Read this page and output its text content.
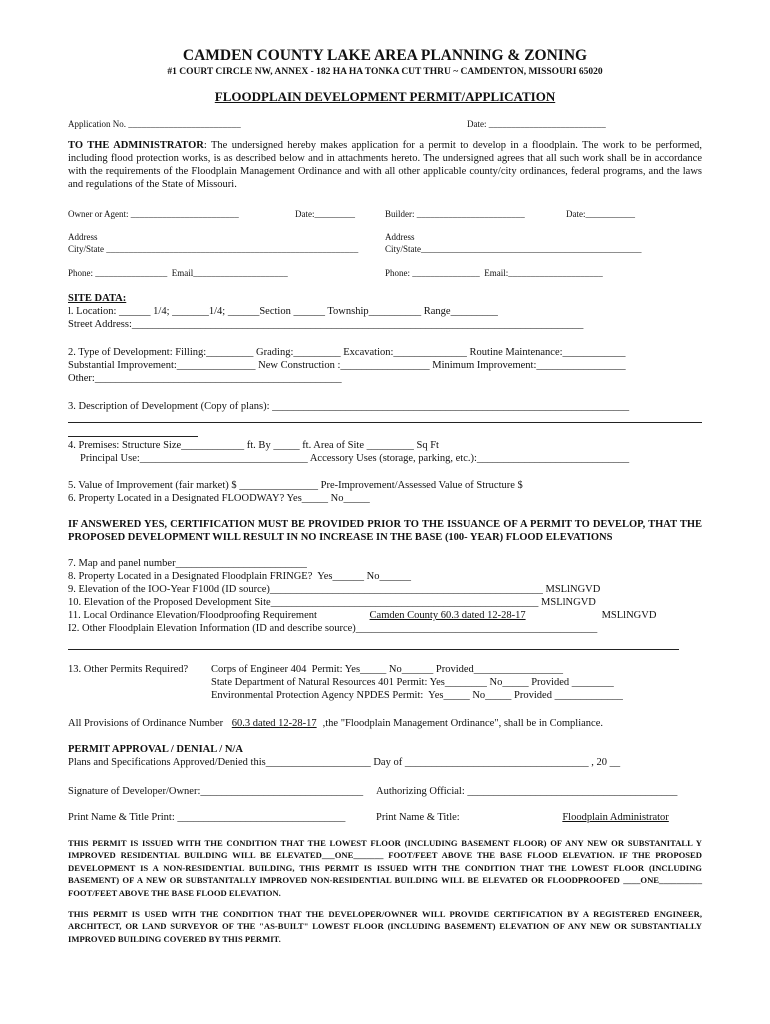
CAMDEN COUNTY LAKE AREA PLANNING & ZONING
#1 COURT CIRCLE NW, ANNEX - 182 HA HA TONKA CUT THRU ~ CAMDENTON, MISSOURI 65020
FLOODPLAIN DEVELOPMENT PERMIT/APPLICATION
Application No. _________________________	Date: __________________________
TO THE ADMINISTRATOR: The undersigned hereby makes application for a permit to develop in a floodplain. The work to be performed, including flood protection works, is as described below and in attachments hereto. The undersigned agrees that all such work shall be in accordance with the requirements of the Floodplain Management Ordinance and with all other applicable county/city ordinances, federal programs, and the laws and regulations of the State of Missouri.
Owner or Agent: ________________________	Date:_________	Builder: ________________________	Date:___________
Address
City/State ________________________________________________________
Address
City/State_________________________________________________
Phone: ________________  Email_____________________	Phone: _______________  Email:_____________________
SITE DATA:
l. Location: ______ 1/4; _______1/4; ______Section ______ Township__________ Range_________
Street Address:______________________________________________________________________________________
2. Type of Development: Filling:_________ Grading:_________ Excavation:______________ Routine Maintenance:____________
Substantial Improvement:_______________ New Construction :_________________ Minimum Improvement:_________________
Other:_______________________________________________
3. Description of Development (Copy of plans): ____________________________________________________________________
4. Premises: Structure Size____________ ft. By _____ ft. Area of Site _________ Sq Ft
Principal Use:________________________________ Accessory Uses (storage, parking, etc.):_____________________________
5. Value of Improvement (fair market) $ _______________ Pre-Improvement/Assessed Value of Structure $
6. Property Located in a Designated FLOODWAY? Yes_____ No_____
IF ANSWERED YES, CERTIFICATION MUST BE PROVIDED PRIOR TO THE ISSUANCE OF A PERMIT TO DEVELOP, THAT THE PROPOSED DEVELOPMENT WILL RESULT IN NO INCREASE IN THE BASE (100- YEAR) FLOOD ELEVATIONS
7. Map and panel number_________________________
8. Property Located in a Designated Floodplain FRINGE?  Yes______ No______
9. Elevation of the IOO-Year F100d (ID source)____________________________________________________ MSLlNGVD
10. Elevation of the Proposed Development Site___________________________________________________ MSLlNGVD
11. Local Ordinance Elevation/Floodproofing Requirement	Camden County 60.3 dated 12-28-17	MSLlNGVD
I2. Other Floodplain Elevation Information (ID and describe source)______________________________________________
13. Other Permits Required? Corps of Engineer 404  Permit: Yes_____ No______ Provided_________________
State Department of Natural Resources 401 Permit: Yes________ No_____ Provided ________
Environmental Protection Agency NPDES Permit:  Yes_____ No_____ Provided _____________
All Provisions of Ordinance Number 60.3 dated 12-28-17 ,the "Floodplain Management Ordinance", shall be in Compliance.
PERMIT APPROVAL / DENIAL / N/A
Plans and Specifications Approved/Denied this____________________ Day of ___________________________________ , 20 __
Signature of Developer/Owner:_______________________________ Authorizing Official: ________________________________________
Print Name & Title Print: ________________________________	Print Name & Title:	Floodplain Administrator
THIS PERMIT IS ISSUED WITH THE CONDITION THAT THE LOWEST FLOOR (INCLUDING BASEMENT FLOOR) OF ANY NEW OR SUBSTANITALL Y IMPROVED RESIDENTIAL BUILDING WILL BE ELEVATED___ONE_______ FOOT/FEET ABOVE THE BASE FLOOD ELEVATION. IF THE PROPOSED DEVELOPMENT IS A NON-RESIDENTIAL BUILDING, THIS PERMIT IS ISSUED WITH THE CONDITION THAT THE LOWEST FLOOR (INCLUDING BASEMENT) OF A NEW OR SUBSTANITALLY IMPROVED NON-RESIDENTIAL BUILDING WILL BE ELEVATED OR FLOODPROOFED ____ONE__________ FOOT/FEET ABOVE THE BASE FLOOD ELEVATION.
THIS PERMIT IS USED WITH THE CONDITION THAT THE DEVELOPER/OWNER WILL PROVIDE CERTIFICATION BY A REGISTERED ENGINEER, ARCHITECT, OR LAND SURVEYOR OF THE "AS-BUILT" LOWEST FLOOR (INCLUDING BASEMENT) ELEVATION OF ANY NEW OR SUBSTANTIALLY IMPROVED BUILDING COVERED BY THIS PERMIT.
